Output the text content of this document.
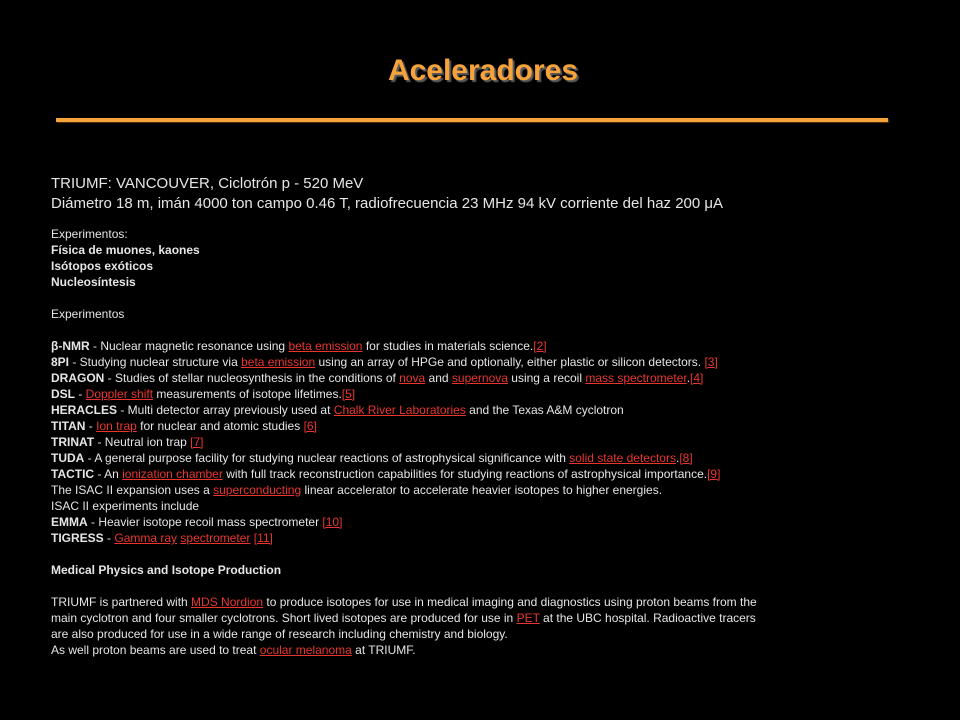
Aceleradores
TRIUMF: VANCOUVER, Ciclotrón p - 520 MeV
Diámetro 18 m, imán 4000 ton campo 0.46 T, radiofrecuencia 23 MHz 94 kV corriente del haz 200 μA
Experimentos:
Física de muones, kaones
Isótopos exóticos
Nucleosíntesis
Experimentos
β-NMR - Nuclear magnetic resonance using beta emission for studies in materials science.[2]
8PI - Studying nuclear structure via beta emission using an array of HPGe and optionally, either plastic or silicon detectors. [3]
DRAGON - Studies of stellar nucleosynthesis in the conditions of nova and supernova using a recoil mass spectrometer.[4]
DSL - Doppler shift measurements of isotope lifetimes.[5]
HERACLES - Multi detector array previously used at Chalk River Laboratories and the Texas A&M cyclotron
TITAN - Ion trap for nuclear and atomic studies [6]
TRINAT - Neutral ion trap [7]
TUDA - A general purpose facility for studying nuclear reactions of astrophysical significance with solid state detectors.[8]
TACTIC - An ionization chamber with full track reconstruction capabilities for studying reactions of astrophysical importance.[9]
The ISAC II expansion uses a superconducting linear accelerator to accelerate heavier isotopes to higher energies.
ISAC II experiments include
EMMA - Heavier isotope recoil mass spectrometer [10]
TIGRESS - Gamma ray spectrometer [11]
Medical Physics and Isotope Production
TRIUMF is partnered with MDS Nordion to produce isotopes for use in medical imaging and diagnostics using proton beams from the
main cyclotron and four smaller cyclotrons. Short lived isotopes are produced for use in PET at the UBC hospital. Radioactive tracers
are also produced for use in a wide range of research including chemistry and biology.
As well proton beams are used to treat ocular melanoma at TRIUMF.
